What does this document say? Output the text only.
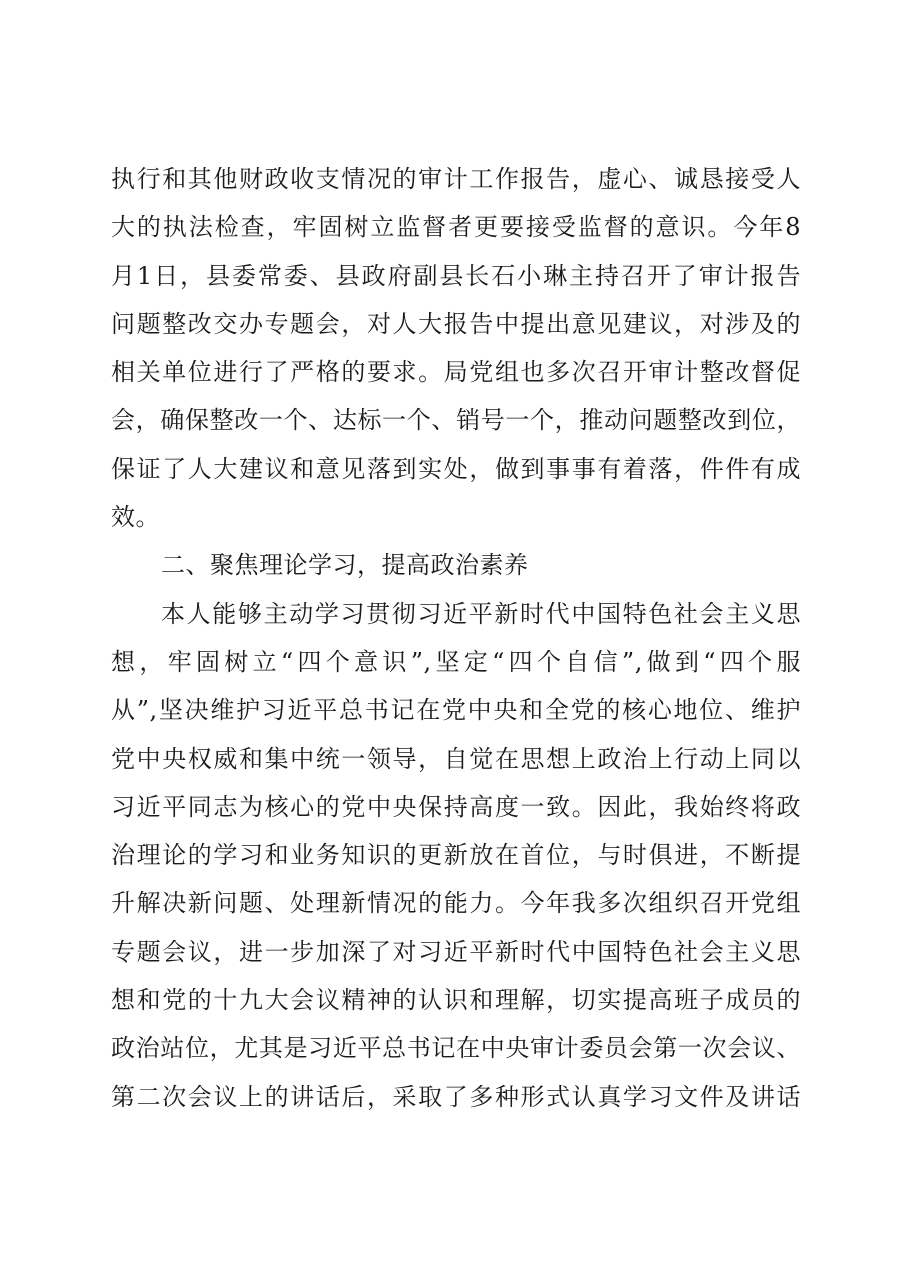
执行和其他财政收支情况的审计工作报告，虚心、诚恳接受人
大的执法检查，牢固树立监督者更要接受监督的意识。今年8
月1日，县委常委、县政府副县长石小琳主持召开了审计报告
问题整改交办专题会，对人大报告中提出意见建议，对涉及的
相关单位进行了严格的要求。局党组也多次召开审计整改督促
会，确保整改一个、达标一个、销号一个，推动问题整改到位，
保证了人大建议和意见落到实处，做到事事有着落，件件有成
效。
二、聚焦理论学习，提高政治素养
本人能够主动学习贯彻习近平新时代中国特色社会主义思
想，牢固树立“四个意识”,坚定“四个自信”,做到“四个服
从”,坚决维护习近平总书记在党中央和全党的核心地位、维护
党中央权威和集中统一领导，自觉在思想上政治上行动上同以
习近平同志为核心的党中央保持高度一致。因此，我始终将政
治理论的学习和业务知识的更新放在首位，与时俱进，不断提
升解决新问题、处理新情况的能力。今年我多次组织召开党组
专题会议，进一步加深了对习近平新时代中国特色社会主义思
想和党的十九大会议精神的认识和理解，切实提高班子成员的
政治站位，尤其是习近平总书记在中央审计委员会第一次会议、
第二次会议上的讲话后，采取了多种形式认真学习文件及讲话
